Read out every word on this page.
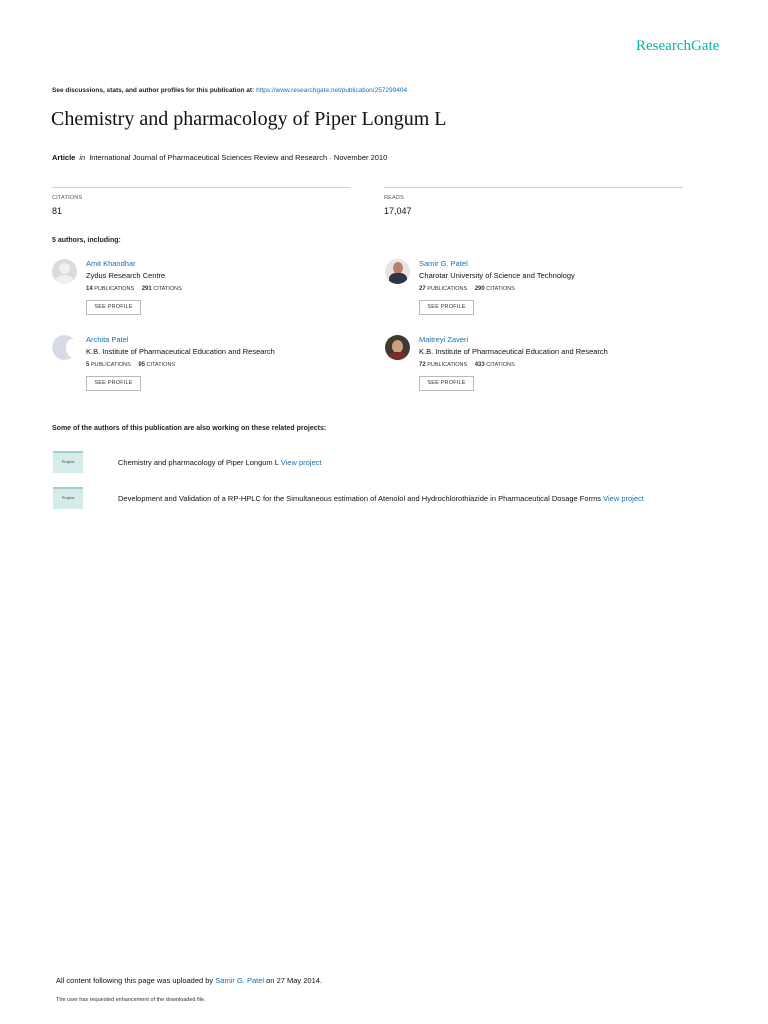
ResearchGate
See discussions, stats, and author profiles for this publication at: https://www.researchgate.net/publication/257299404
Chemistry and pharmacology of Piper Longum L
Article in International Journal of Pharmaceutical Sciences Review and Research · November 2010
CITATIONS
81
READS
17,047
5 authors, including:
Amit Khandhar
Zydus Research Centre
14 PUBLICATIONS 291 CITATIONS
SEE PROFILE
Samir G. Patel
Charotar University of Science and Technology
27 PUBLICATIONS 290 CITATIONS
SEE PROFILE
Archita Patel
K.B. Institute of Pharmaceutical Education and Research
5 PUBLICATIONS 95 CITATIONS
SEE PROFILE
Maitreyi Zaveri
K.B. Institute of Pharmaceutical Education and Research
72 PUBLICATIONS 433 CITATIONS
SEE PROFILE
Some of the authors of this publication are also working on these related projects:
Project	Chemistry and pharmacology of Piper Longum L View project
Project	Development and Validation of a RP-HPLC for the Simultaneous estimation of Atenolol and Hydrochlorothiazide in Pharmaceutical Dosage Forms View project
All content following this page was uploaded by Samir G. Patel on 27 May 2014.
The user has requested enhancement of the downloaded file.
